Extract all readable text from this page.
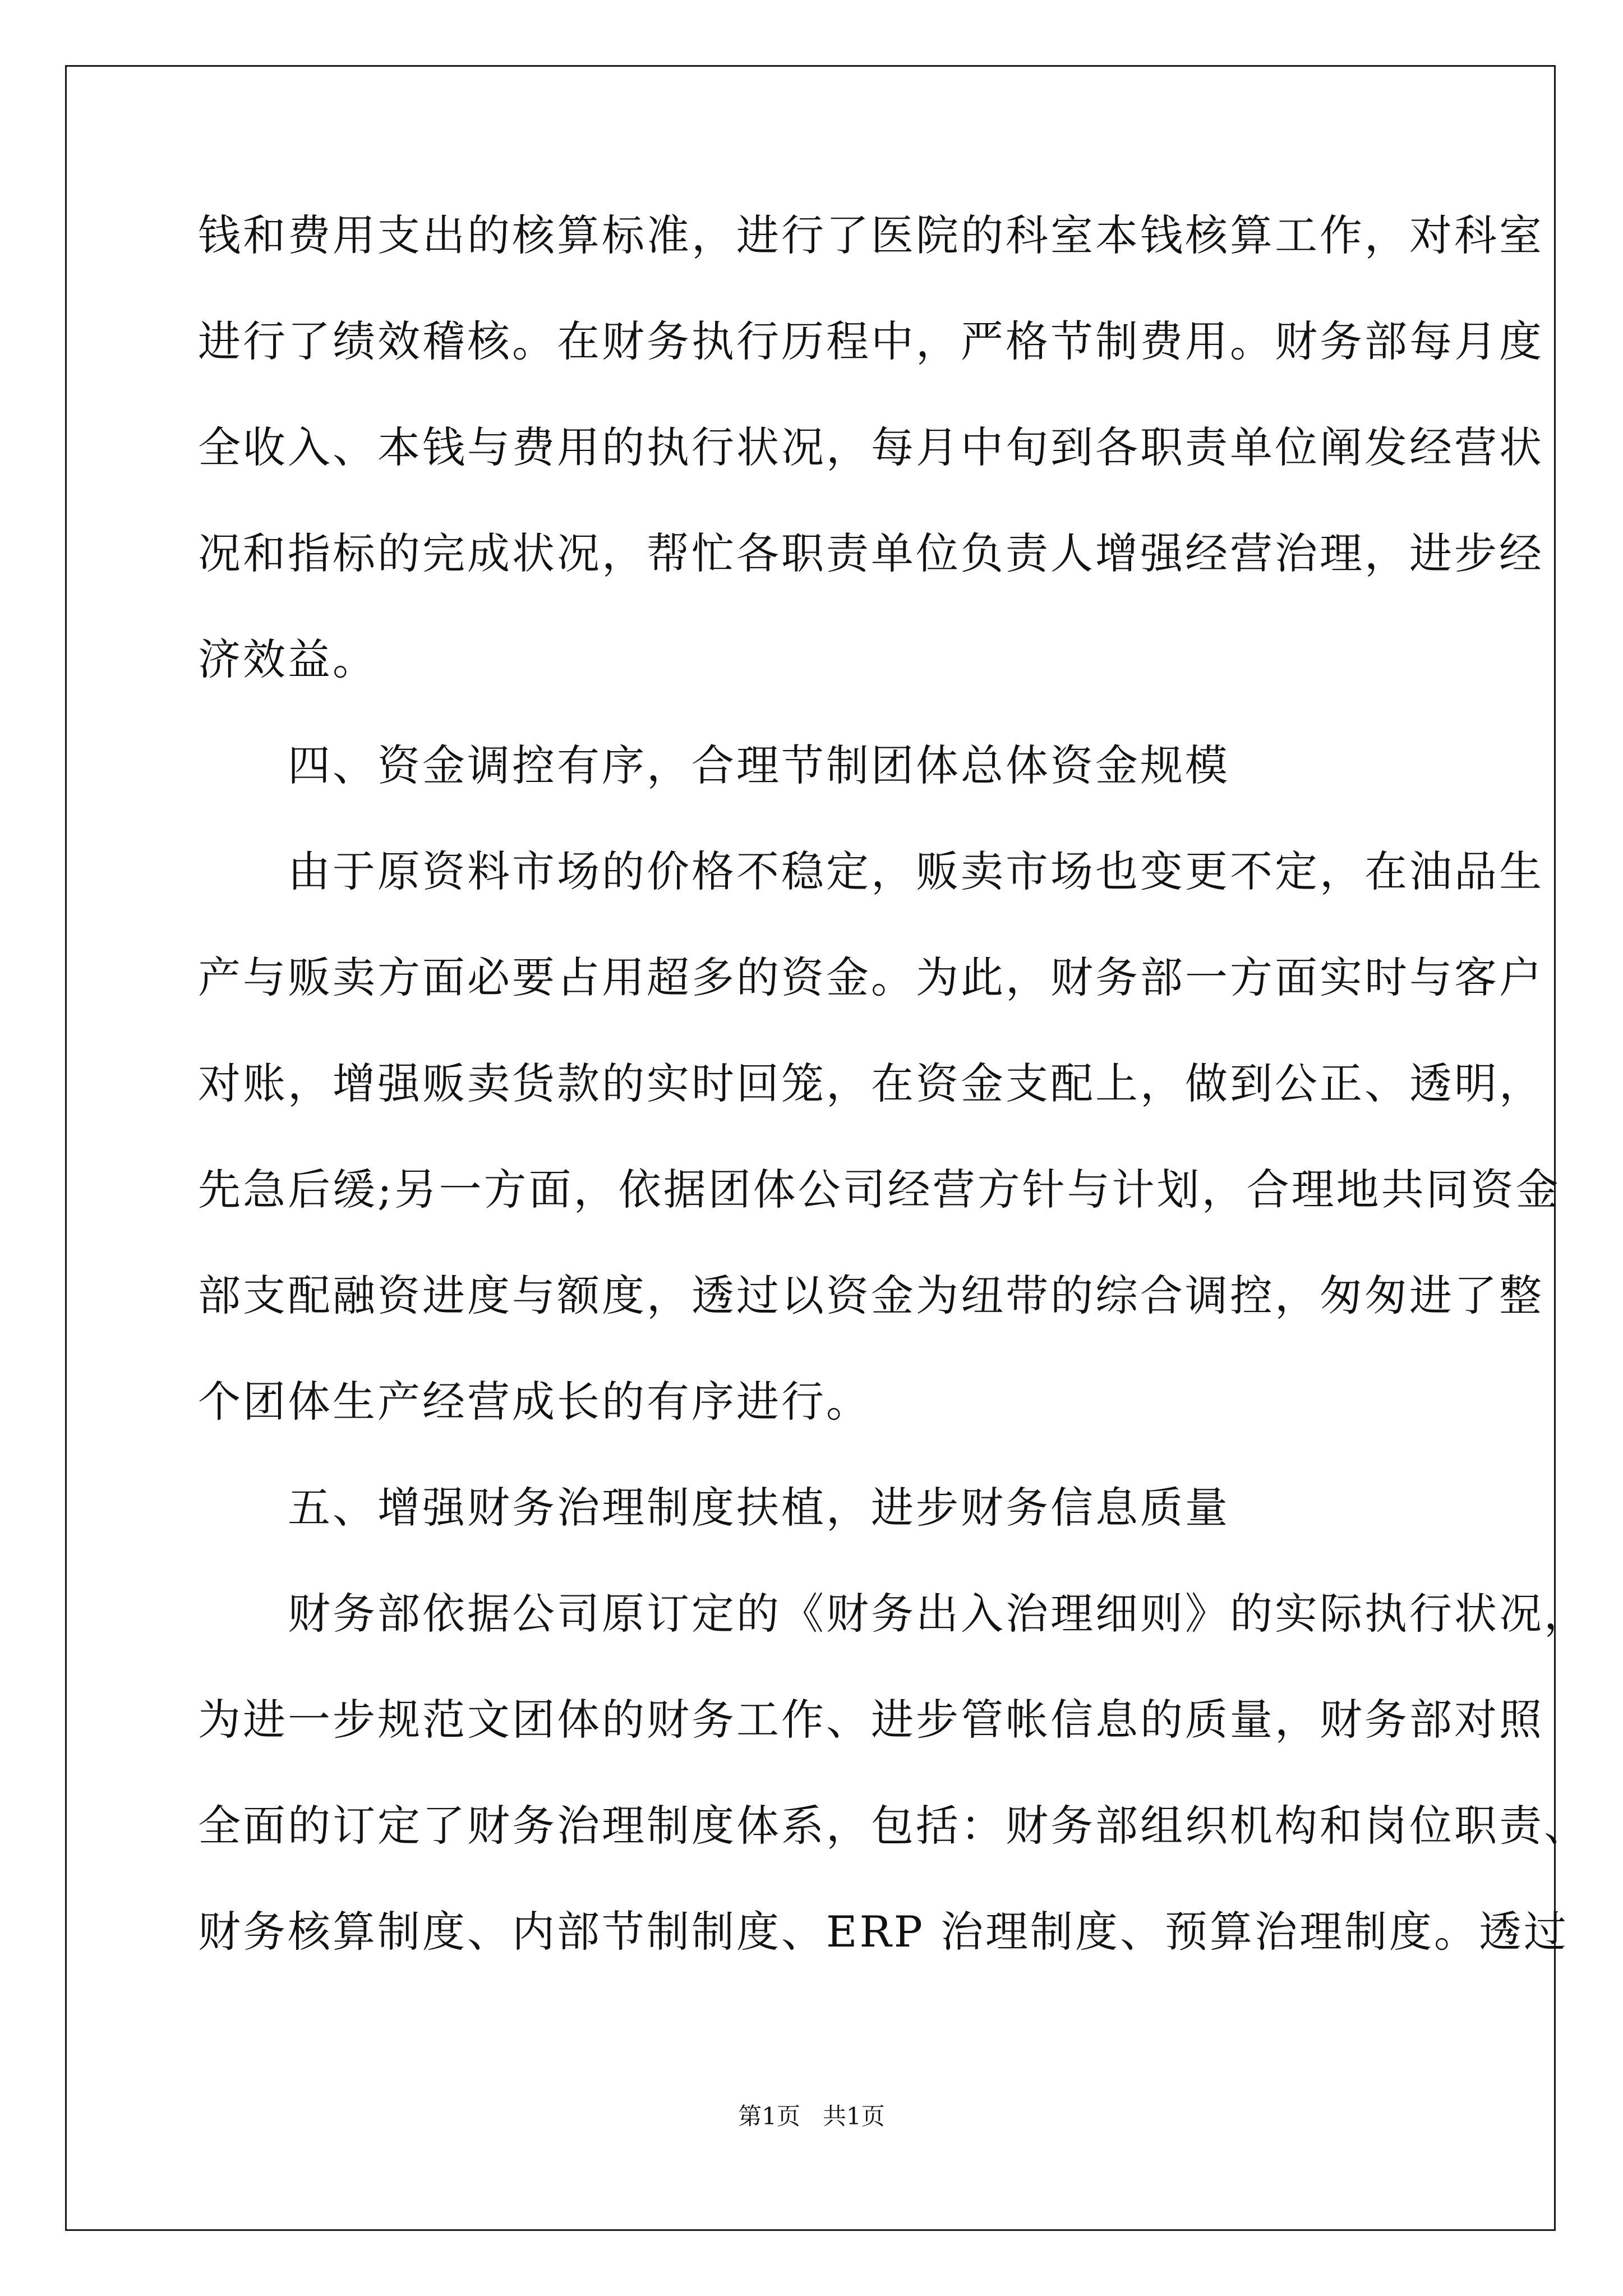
钱和费用支出的核算标准，进行了医院的科室本钱核算工作，对科室
进行了绩效稽核。在财务执行历程中，严格节制费用。财务部每月度
全收入、本钱与费用的执行状况，每月中旬到各职责单位阐发经营状
况和指标的完成状况，帮忙各职责单位负责人增强经营治理，进步经
济效益。
　　四、资金调控有序，合理节制团体总体资金规模
　　由于原资料市场的价格不稳定，贩卖市场也变更不定，在油品生
产与贩卖方面必要占用超多的资金。为此，财务部一方面实时与客户
对账，增强贩卖货款的实时回笼，在资金支配上，做到公正、透明，
先急后缓;另一方面，依据团体公司经营方针与计划，合理地共同资金
部支配融资进度与额度，透过以资金为纽带的综合调控，匆匆进了整
个团体生产经营成长的有序进行。
　　五、增强财务治理制度扶植，进步财务信息质量
　　财务部依据公司原订定的《财务出入治理细则》的实际执行状况，
为进一步规范文团体的财务工作、进步管帐信息的质量，财务部对照
全面的订定了财务治理制度体系，包括：财务部组织机构和岗位职责、
财务核算制度、内部节制制度、ERP 治理制度、预算治理制度。透过
第1页   共1页
